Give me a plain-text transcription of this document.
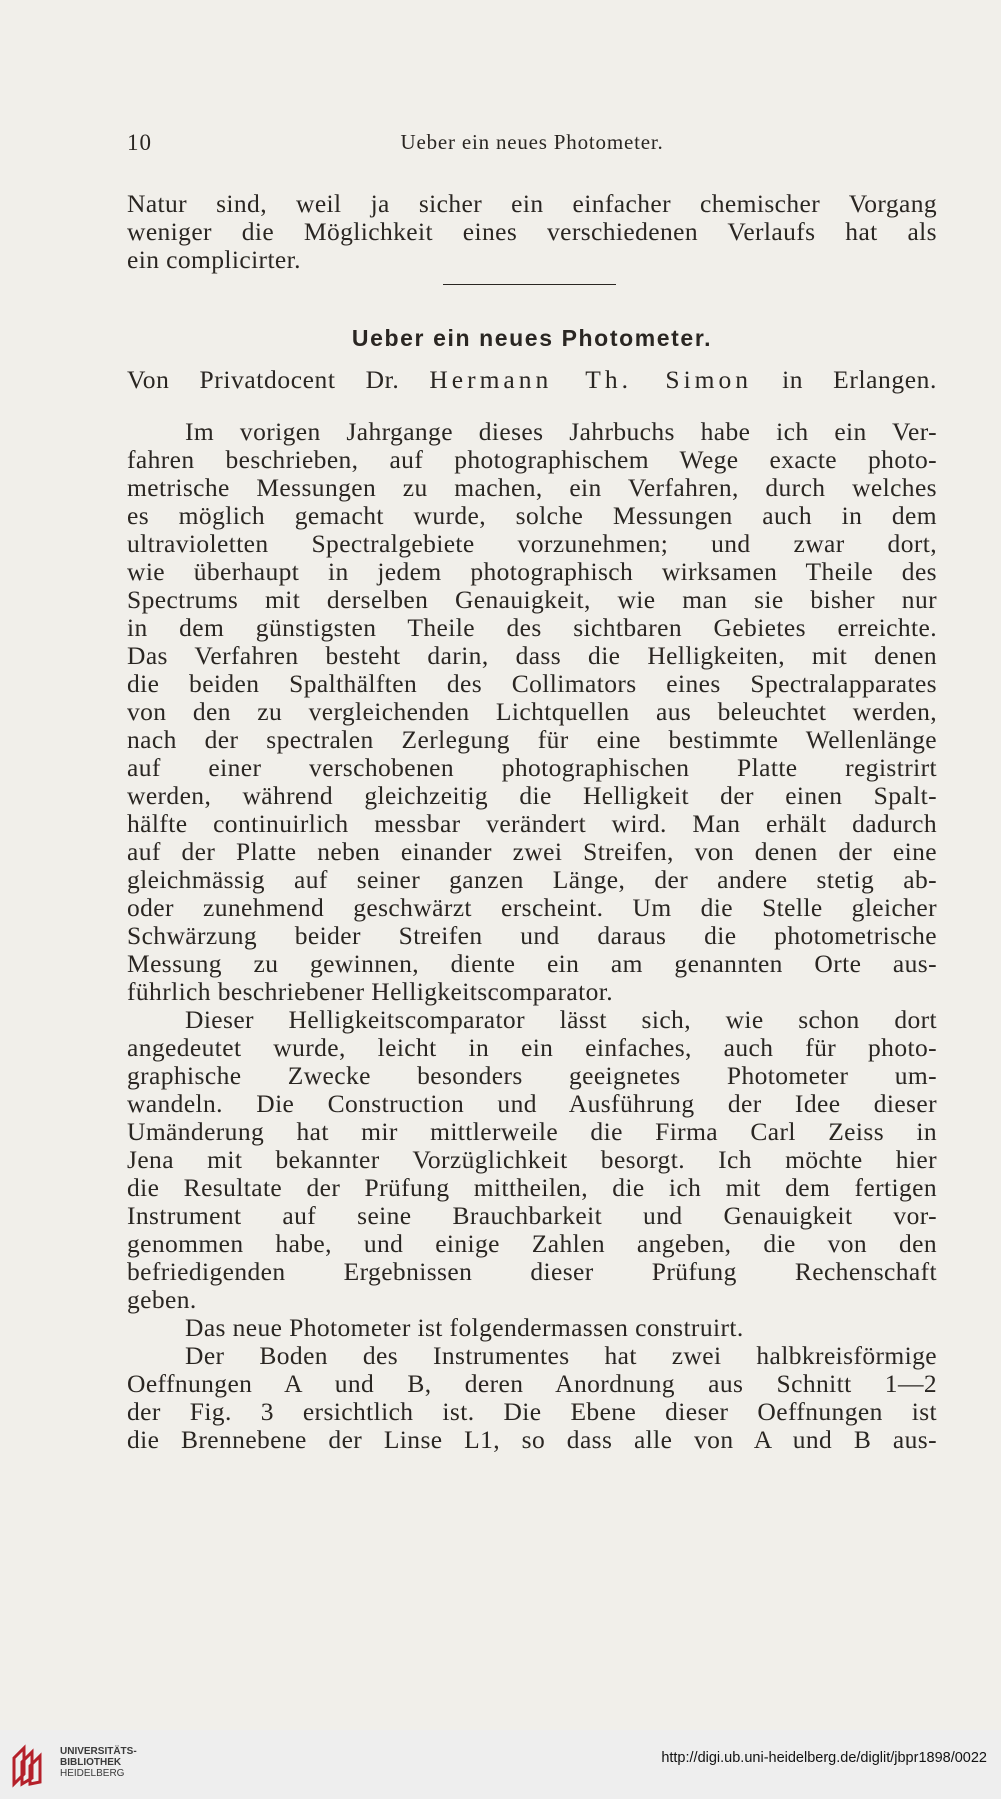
10	Ueber ein neues Photometer.
Natur sind, weil ja sicher ein einfacher chemischer Vorgang
weniger die Möglichkeit eines verschiedenen Verlaufs hat als
ein complicirter.
Ueber ein neues Photometer.
Von Privatdocent Dr. Hermann Th. Simon in Erlangen.
Im vorigen Jahrgange dieses Jahrbuchs habe ich ein Ver-
fahren beschrieben, auf photographischem Wege exacte photo-
metrische Messungen zu machen, ein Verfahren, durch welches
es möglich gemacht wurde, solche Messungen auch in dem
ultravioletten Spectralgebiete vorzunehmen; und zwar dort,
wie überhaupt in jedem photographisch wirksamen Theile des
Spectrums mit derselben Genauigkeit, wie man sie bisher nur
in dem günstigsten Theile des sichtbaren Gebietes erreichte.
Das Verfahren besteht darin, dass die Helligkeiten, mit denen
die beiden Spalthälften des Collimators eines Spectralapparates
von den zu vergleichenden Lichtquellen aus beleuchtet werden,
nach der spectralen Zerlegung für eine bestimmte Wellenlänge
auf einer verschobenen photographischen Platte registrirt
werden, während gleichzeitig die Helligkeit der einen Spalt-
hälfte continuirlich messbar verändert wird. Man erhält dadurch
auf der Platte neben einander zwei Streifen, von denen der eine
gleichmässig auf seiner ganzen Länge, der andere stetig ab-
oder zunehmend geschwärzt erscheint. Um die Stelle gleicher
Schwärzung beider Streifen und daraus die photometrische
Messung zu gewinnen, diente ein am genannten Orte aus-
führlich beschriebener Helligkeitscomparator.
Dieser Helligkeitscomparator lässt sich, wie schon dort
angedeutet wurde, leicht in ein einfaches, auch für photo-
graphische Zwecke besonders geeignetes Photometer um-
wandeln. Die Construction und Ausführung der Idee dieser
Umänderung hat mir mittlerweile die Firma Carl Zeiss in
Jena mit bekannter Vorzüglichkeit besorgt. Ich möchte hier
die Resultate der Prüfung mittheilen, die ich mit dem fertigen
Instrument auf seine Brauchbarkeit und Genauigkeit vor-
genommen habe, und einige Zahlen angeben, die von den
befriedigenden Ergebnissen dieser Prüfung Rechenschaft
geben.
Das neue Photometer ist folgendermassen construirt.
Der Boden des Instrumentes hat zwei halbkreisförmige
Oeffnungen A und B, deren Anordnung aus Schnitt 1—2
der Fig. 3 ersichtlich ist. Die Ebene dieser Oeffnungen ist
die Brennebene der Linse L1, so dass alle von A und B aus-
UNIVERSITÄTS-
BIBLIOTHEK
HEIDELBERG
http://digi.ub.uni-heidelberg.de/diglit/jbpr1898/0022
